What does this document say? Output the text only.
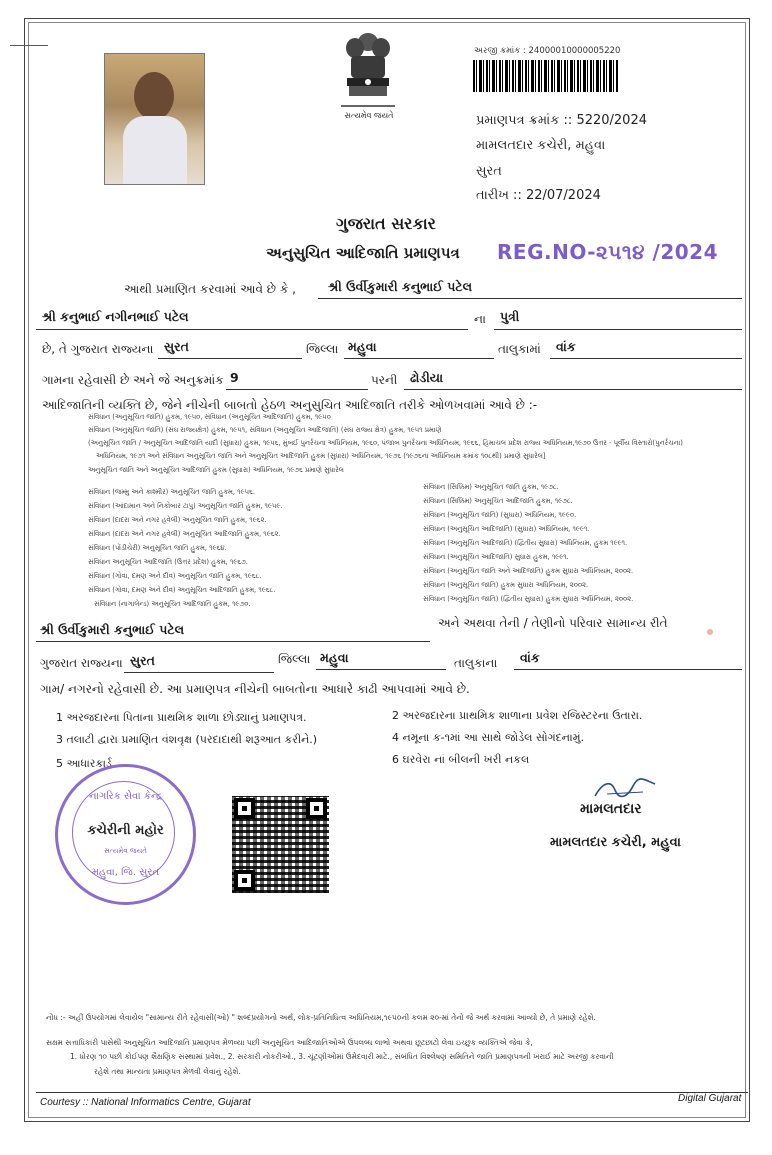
સત્યમેવ જયતે
અરજી ક્રમાંક : 24000010000005220
પ્રમાણપત્ર ક્રમાંક :: 5220/2024
મામલતદાર કચેરી, મહુવા
સુરત
તારીખ :: 22/07/2024
ગુજરાત સરકાર
અનુસુચિત આદિજાતિ પ્રમાણપત્ર REG.NO-૨૫૧૪ /2024
આથી પ્રમાણિત કરવામાં આવે છે કે ,	શ્રી ઉર્વીકુમારી કનુભાઈ પટેલ
શ્રી કનુભાઈ નગીનભાઈ પટેલ	ના પુત્રી
છે, તે ગુજરાત રાજ્યના સુરત	જિલ્લા મહુવા	તાલુકામાં વાંક
ગામના રહેવાસી છે અને જે અનુક્રમાંક 9	પરની ઢોડીયા
આદિજાતિની વ્યક્તિ છે, જેને નીચેની બાબતો હેઠળ અનુસુચિત આદિજાતિ તરીકે ઓળખવામાં આવે છે :-
સંવિધાન (અનુસૂચિત જાતિ) હુકમ, ૧૯૫૦, સંવિધાન (અનુસૂચિત આદિજાતિ) હુકમ, ૧૯૫૦
સંવિધાન (અનુસૂચિત જાતિ) (સંઘ રાજ્યક્ષેત્ર) હુકમ, ૧૯૫૧, સંવિધાન (અનુસૂચિત આદિજાતિ) (સંઘ રાજ્ય ક્ષેત્ર) હુકમ, ૧૯૫૧ પ્રમાણે
(અનુસૂચિત જાતિ / અનુસૂચિત આદિજાતિ યાદી (સુધારા) હુકમ, ૧૯૫૬, મુંબઈ પુનર્રચના અધિનિયમ, ૧૯૬૦, પંજાબ પુનર્રચના અધિનિયમ, ૧૯૬૬, હિમાચલ પ્રદેશ રાજ્ય અધિનિયમ,૧૯૭૦ ઉત્તર - પૂર્વીય વિસ્તારો(પુનર્રચના)
અધિનિયમ, ૧૯૭૧ અને સંવિધાન અનુસૂચિત જાતિ અને અનુસૂચિત આદિજાતિ હુકમ (સુધારા) અધિનિયમ, ૧૯૭૬ (૧૯૭૬ના અધિનિયમ ક્રમાંક ૧૦૮થી) પ્રમાણે સુધારેલ]
અનુસૂચિત જાતિ અને અનુસૂચિત આદિજાતિ હુકમ (સુધારા) અધિનિયમ, ૧૯૭૬ પ્રમાણે સુધારેલ
સંવિધાન (જમ્મુ અને કાશ્મીર) અનુસૂચિત જાતિ હુકમ, ૧૯૫૬.
સંવિધાન (આંદામાન અને નિકોબાર ટાપુ) અનુસૂચિત જાતિ હુકમ, ૧૯૫૯.
સંવિધાન (દાદરા અને નગર હવેલી) અનુસૂચિત જાતિ હુકમ, ૧૯૬૨.
સંવિધાન (દાદરા અને નગર હવેલી) અનુસૂચિત આદિજાતિ હુકમ, ૧૯૬૨.
સંવિધાન (પોંડીચેરી) અનુસૂચિત જાતિ હુકમ, ૧૯૬૪.
સંવિધાન અનુસૂચિત આદિજાતિ (ઉત્તર પ્રદેશ) હુકમ, ૧૯૬૭.
સંવિધાન (ગોવા, દમણ અને દીવ) અનુસૂચિત જાતિ હુકમ, ૧૯૬૮.
સંવિધાન (ગોવા, દમણ અને દીવ) અનુસૂચિત આદિજાતિ હુકમ, ૧૯૬૮.
સંવિધાન (નાગાલેન્ડ) અનુસૂચિત આદિજાતિ હુકમ, ૧૯૭૦.
સંવિધાન (સિક્કિમ) અનુસૂચિત જાતિ હુકમ, ૧૯૭૮.
સંવિધાન (સિક્કિમ) અનુસૂચિત આદિજાતિ હુકમ, ૧૯૭૮.
સંવિધાન (અનુસૂચિત જાતિ) (સુધારા) અધિનિયમ, ૧૯૯૦.
સંવિધાન (અનુસૂચિત આદિજાતિ) (સુધારા) અધિનિયમ, ૧૯૯૧.
સંવિધાન (અનુસૂચિત આદિજાતિ) (દ્વિતીય સુધારા) અધિનિયમ, હુકમ ૧૯૯૧.
સંવિધાન (અનુસૂચિત આદિજાતિ) સુધારા હુકમ, ૧૯૯૧.
સંવિધાન (અનુસૂચિત જાતિ અને આદિજાતિ) હુકમ સુધારા અધિનિયમ, ૨૦૦૨.
સંવિધાન (અનુસૂચિત જાતિ) હુકમ સુધારા અધિનિયમ, ૨૦૦૨.
સંવિધાન (અનુસૂચિત જાતિ) (દ્વિતીય સુધારા) હુકમ સુધારા અધિનિયમ, ૨૦૦૨.
શ્રી ઉર્વીકુમારી કનુભાઈ પટેલ	અને અથવા તેની / તેણીનો પરિવાર સામાન્ય રીતે
ગુજરાત રાજ્યના સુરત	જિલ્લા મહુવા	તાલુકાના વાંક
ગામ/ નગરનો રહેવાસી છે. આ પ્રમાણપત્ર નીચેની બાબતોના આધારે કાઢી આપવામાં આવે છે.
1 અરજદારના પિતાના પ્રાથમિક શાળા છોડ્યાનું પ્રમાણપત્ર.	2 અરજદારના પ્રાથમિક શાળાના પ્રવેશ રજિસ્ટરના ઉતારા.
3 તલાટી દ્વારા પ્રમાણિત વંશવૃક્ષ (પરદાદાથી શરૂઆત કરીને.)	4 નમૂના ક-૧માં આ સાથે જોડેલ સોગંદનામું.
5 આધારકાર્ડ	6 ઘરવેરા નાં બીલની ખરી નકલ
નાગરિક સેવા કેન્દ્ર
કચેરીની મહોર
સત્યમેવ જયતે
મહુવા, જિ. સુરત
મામલતદાર
મામલતદાર કચેરી, મહુવા
નોંધ :- અહીં ઉપયોગમાં લેવાયેલ "સામાન્ય રીતે રહેવાસી(ઓ) " શબ્દપ્રયોગનો અર્થ, લોક-પ્રતિનિધિત્વ અધિનિયમ,૧૯૫૦ની કલમ ૨૦-માં તેનો જે અર્થ કરવામાં આવ્યો છે, તે પ્રમાણે રહેશે.
સક્ષમ સત્તાધિકારી પાસેથી અનુસૂચિત આદિજાતિ પ્રમાણપત્ર મેળવ્યા પછી અનુસૂચિત આદિજાતિઓએ ઉપલબ્ધ લાભો અથવા છૂટછાટો લેવા ઇચ્છુક વ્યક્તિએ જેવા કે,
1. ધોરણ ૧૦ પછી કોઈપણ શૈક્ષણિક સંસ્થામાં પ્રવેશ., 2. સરકારી નોકરીઓ., 3. ચૂંટણીઓમાં ઉમેદવારી માટે., સંબંધિત વિશ્લેષણ સમિતિને જાતિ પ્રમાણપત્રની ખરાઈ માટે અરજી કરવાની
રહેશે તથા માન્યતા પ્રમાણપત્ર મેળવી લેવાનું રહેશે.
Courtesy :: National Informatics Centre, Gujarat	Digital Gujarat
